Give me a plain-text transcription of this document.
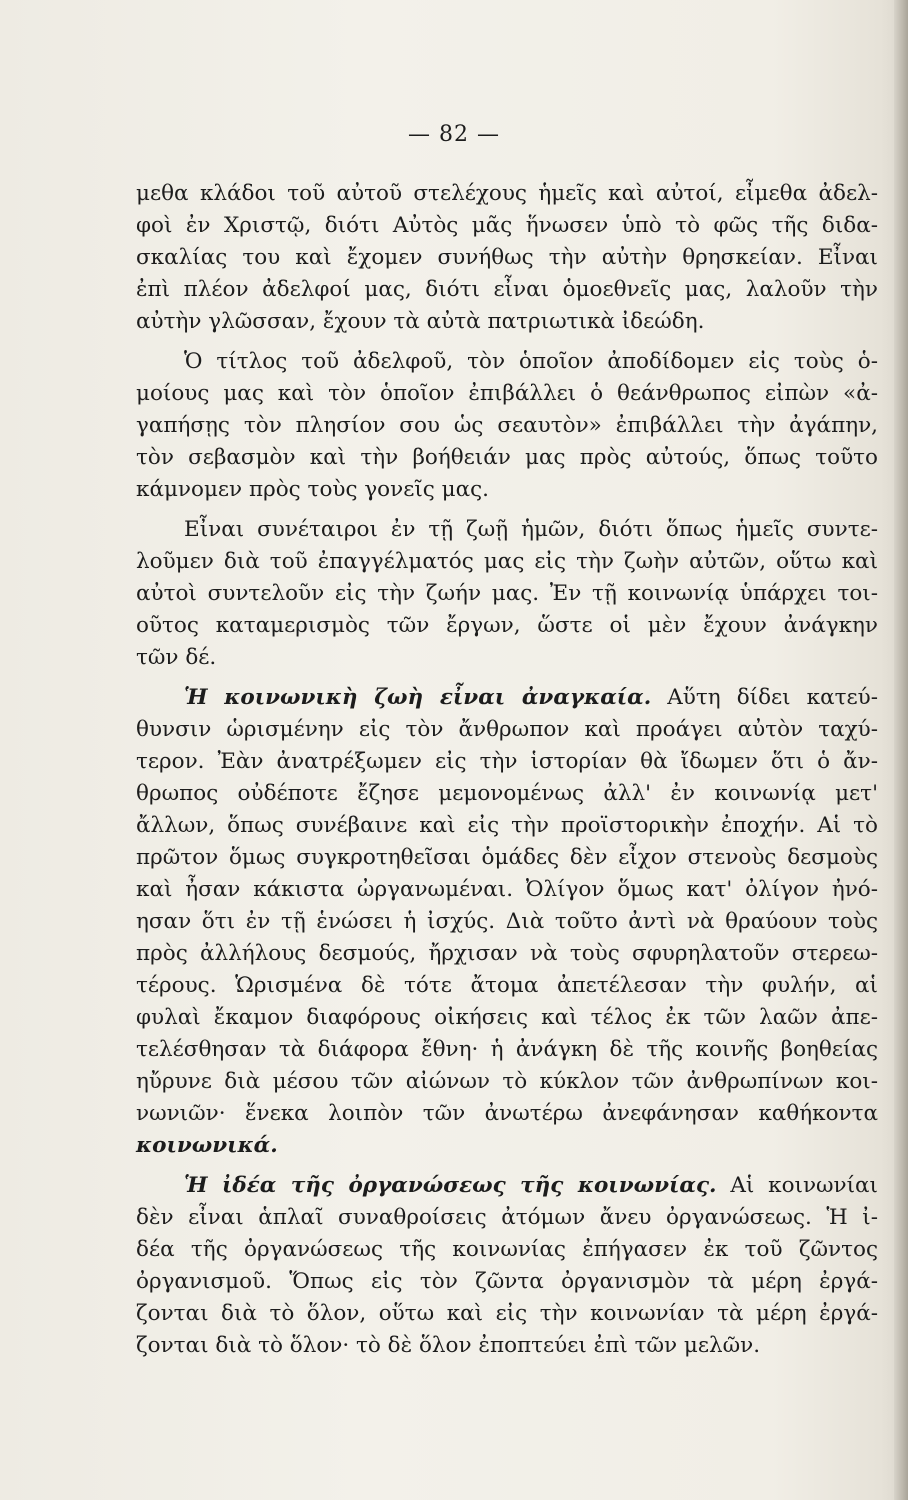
— 82 —
μεθα κλάδοι τοῦ αὐτοῦ στελέχους ἡμεῖς καὶ αὐτοί, εἶμεθα ἀδελ-
φοὶ ἐν Χριστῷ, διότι Αὐτὸς μᾶς ἥνωσεν ὑπὸ τὸ φῶς τῆς διδα-
σκαλίας του καὶ ἔχομεν συνήθως τὴν αὐτὴν θρησκείαν. Εἶναι
ἐπὶ πλέον ἀδελφοί μας, διότι εἶναι ὁμοεθνεῖς μας, λαλοῦν τὴν
αὐτὴν γλῶσσαν, ἔχουν τὰ αὐτὰ πατριωτικὰ ἰδεώδη.
Ὁ τίτλος τοῦ ἀδελφοῦ, τὸν ὁποῖον ἀποδίδομεν εἰς τοὺς ὁ-
μοίους μας καὶ τὸν ὁποῖον ἐπιβάλλει ὁ θεάνθρωπος εἰπὼν «ἀ-
γαπήσῃς τὸν πλησίον σου ὡς σεαυτὸν» ἐπιβάλλει τὴν ἀγάπην,
τὸν σεβασμὸν καὶ τὴν βοήθειάν μας πρὸς αὐτούς, ὅπως τοῦτο
κάμνομεν πρὸς τοὺς γονεῖς μας.
Εἶναι συνέταιροι ἐν τῇ ζωῇ ἡμῶν, διότι ὅπως ἡμεῖς συντε-
λοῦμεν διὰ τοῦ ἐπαγγέλματός μας εἰς τὴν ζωὴν αὐτῶν, οὕτω καὶ
αὐτοὶ συντελοῦν εἰς τὴν ζωήν μας. Ἐν τῇ κοινωνίᾳ ὑπάρχει τοι-
οῦτος καταμερισμὸς τῶν ἔργων, ὥστε οἱ μὲν ἔχουν ἀνάγκην
τῶν δέ.
Ἡ κοινωνικὴ ζωὴ εἶναι ἀναγκαία. Αὕτη δίδει κατεύ-
θυνσιν ὡρισμένην εἰς τὸν ἄνθρωπον καὶ προάγει αὐτὸν ταχύ-
τερον. Ἐὰν ἀνατρέξωμεν εἰς τὴν ἱστορίαν θὰ ἴδωμεν ὅτι ὁ ἄν-
θρωπος οὐδέποτε ἔζησε μεμονομένως ἀλλ' ἐν κοινωνίᾳ μετ'
ἄλλων, ὅπως συνέβαινε καὶ εἰς τὴν προϊστορικὴν ἐποχήν. Αἱ τὸ
πρῶτον ὅμως συγκροτηθεῖσαι ὁμάδες δὲν εἶχον στενοὺς δεσμοὺς
καὶ ἦσαν κάκιστα ὠργανωμέναι. Ὀλίγον ὅμως κατ' ὀλίγον ἠνό-
ησαν ὅτι ἐν τῇ ἑνώσει ἡ ἰσχύς. Διὰ τοῦτο ἀντὶ νὰ θραύουν τοὺς
πρὸς ἀλλήλους δεσμούς, ἤρχισαν νὰ τοὺς σφυρηλατοῦν στερεω-
τέρους. Ὡρισμένα δὲ τότε ἄτομα ἀπετέλεσαν τὴν φυλήν, αἱ
φυλαὶ ἔκαμον διαφόρους οἰκήσεις καὶ τέλος ἐκ τῶν λαῶν ἀπε-
τελέσθησαν τὰ διάφορα ἔθνη· ἡ ἀνάγκη δὲ τῆς κοινῆς βοηθείας
ηὔρυνε διὰ μέσου τῶν αἰώνων τὸ κύκλον τῶν ἀνθρωπίνων κοι-
νωνιῶν· ἕνεκα λοιπὸν τῶν ἀνωτέρω ἀνεφάνησαν καθήκοντα
κοινωνικά.
Ἡ ἰδέα τῆς ὀργανώσεως τῆς κοινωνίας. Αἱ κοινωνίαι
δὲν εἶναι ἁπλαῖ συναθροίσεις ἀτόμων ἄνευ ὀργανώσεως. Ἡ ἰ-
δέα τῆς ὀργανώσεως τῆς κοινωνίας ἐπήγασεν ἐκ τοῦ ζῶντος
ὀργανισμοῦ. Ὅπως εἰς τὸν ζῶντα ὀργανισμὸν τὰ μέρη ἐργά-
ζονται διὰ τὸ ὅλον, οὕτω καὶ εἰς τὴν κοινωνίαν τὰ μέρη ἐργά-
ζονται διὰ τὸ ὅλον· τὸ δὲ ὅλον ἐποπτεύει ἐπὶ τῶν μελῶν.
